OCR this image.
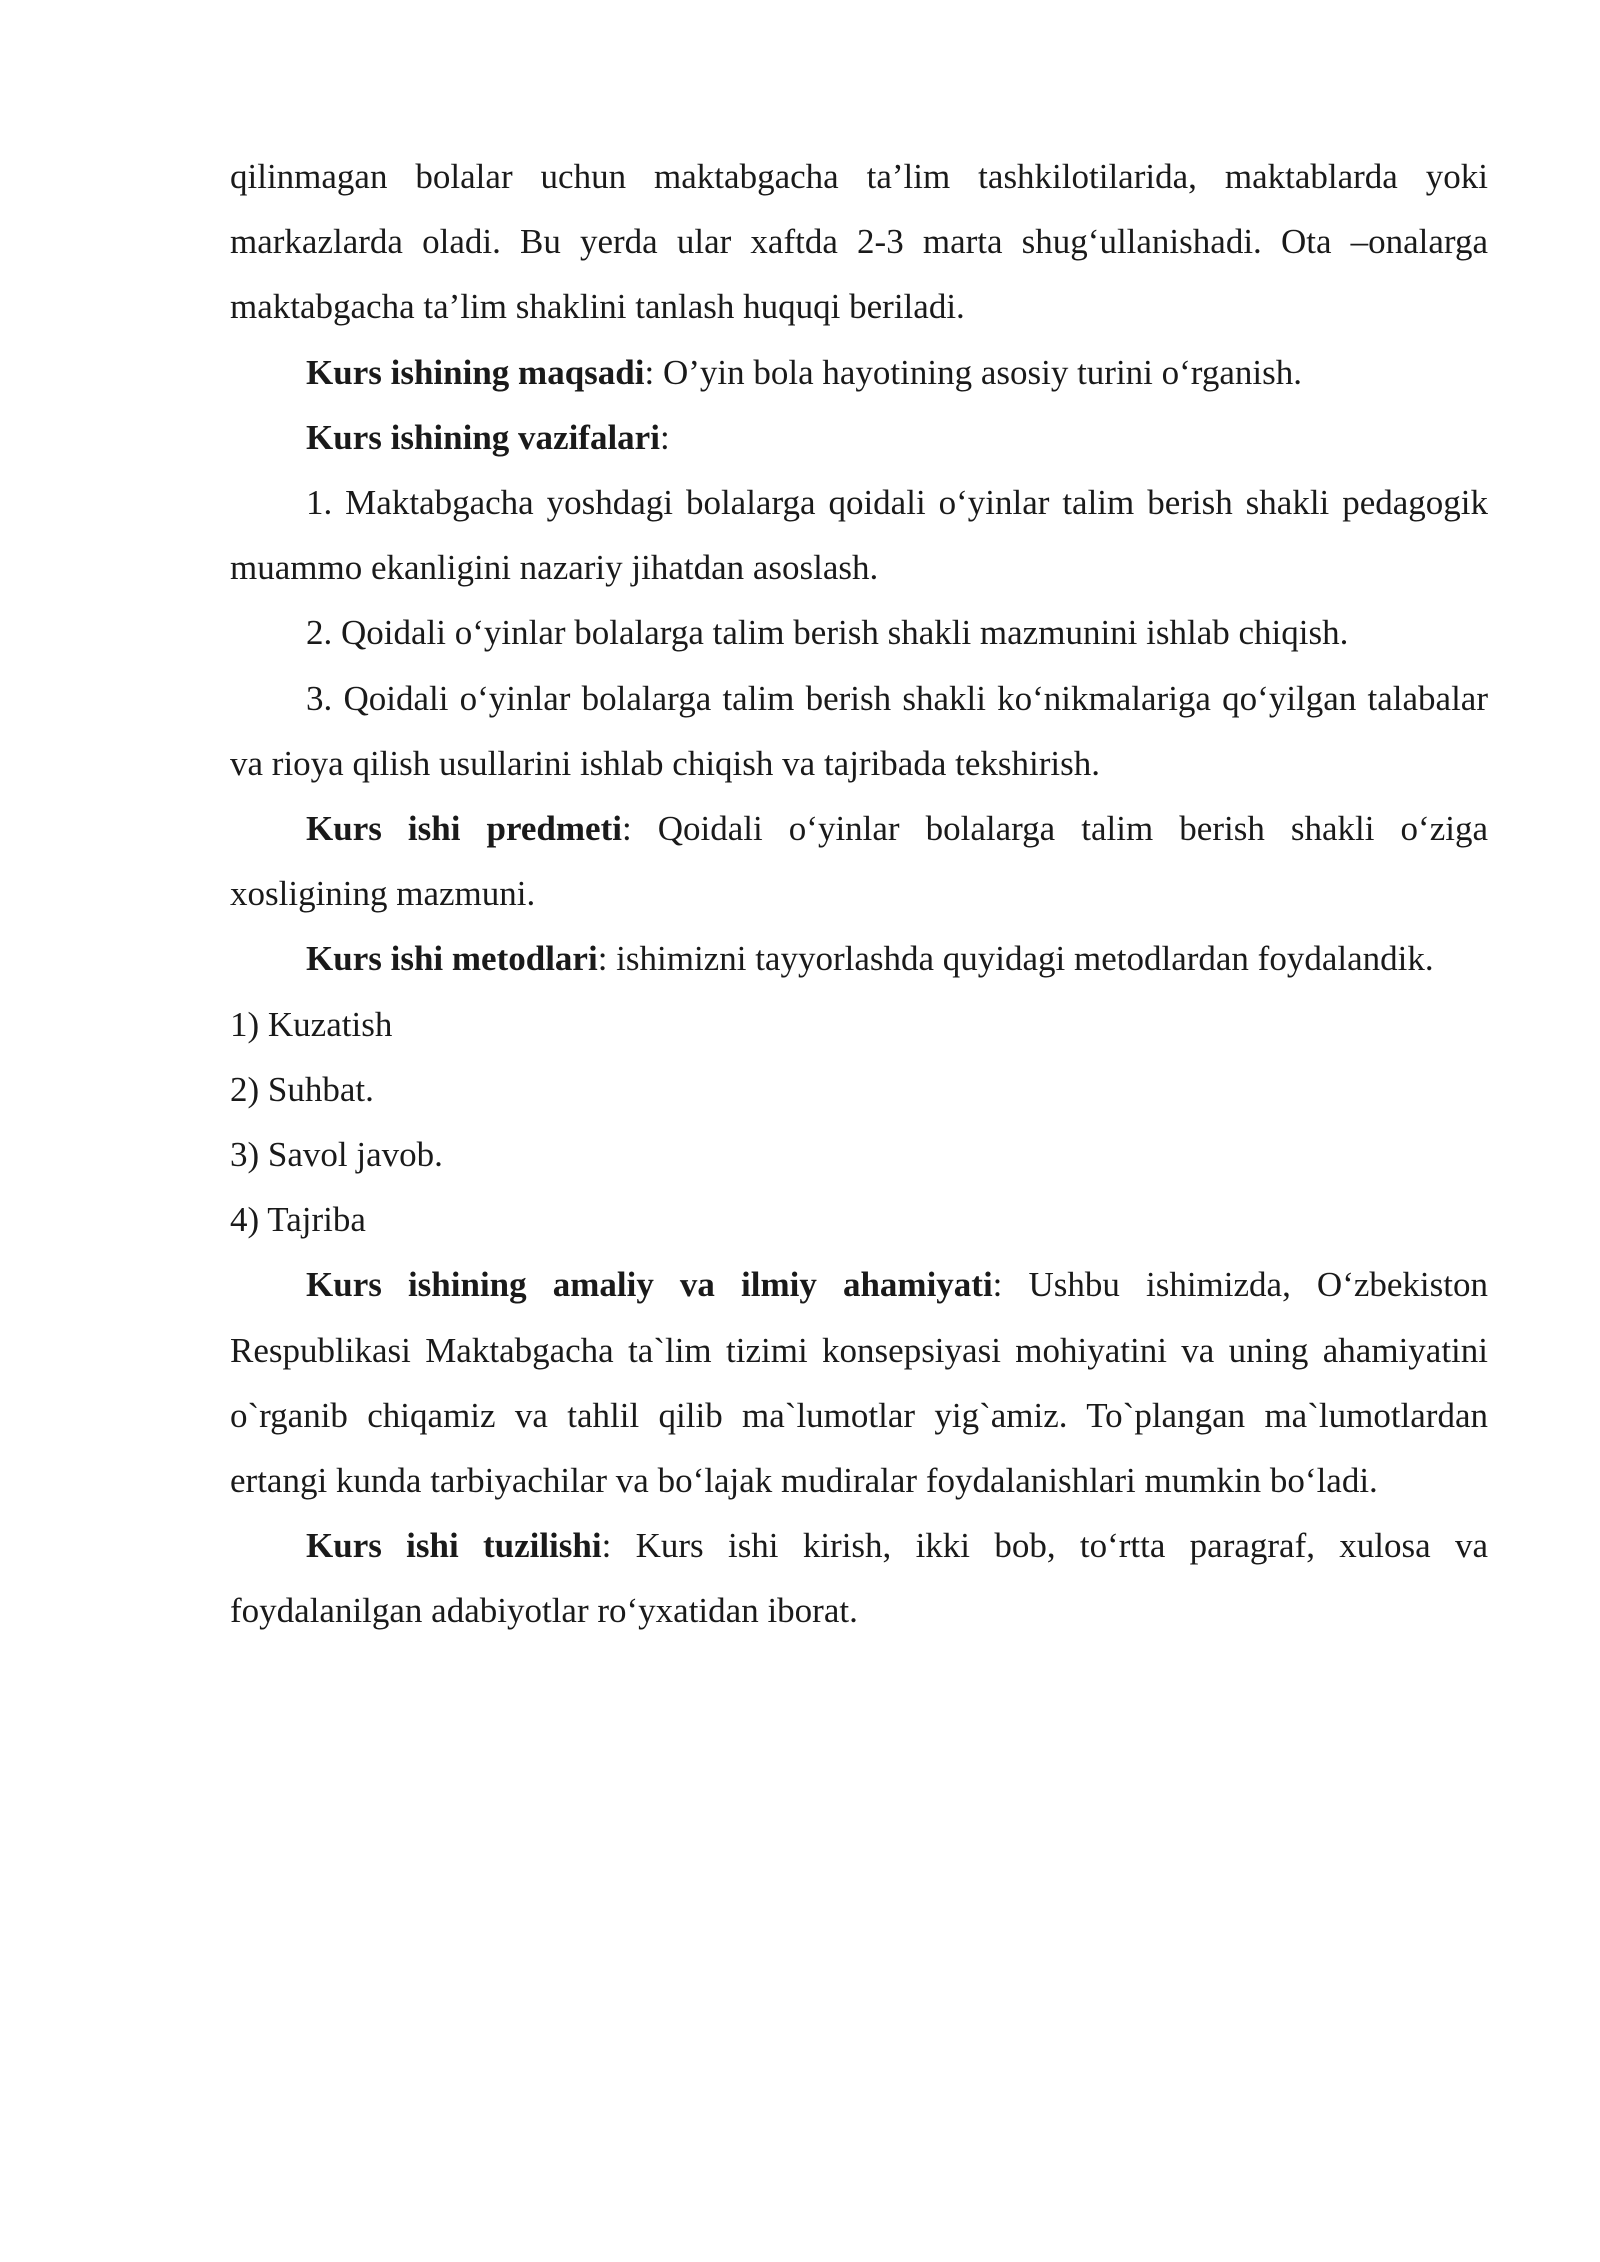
qilinmagan bolalar uchun maktabgacha ta’lim tashkilotilarida, maktablarda yoki markazlarda oladi. Bu yerda ular xaftda 2-3 marta shug‘ullanishadi. Ota –onalarga maktabgacha ta’lim shaklini tanlash huquqi beriladi.

Kurs ishining maqsadi: O’yin bola hayotining asosiy turini o‘rganish.

Kurs ishining vazifalari:

1. Maktabgacha yoshdagi bolalarga qoidali o‘yinlar talim berish shakli pedagogik muammo ekanligini nazariy jihatdan asoslash.

2. Qoidali o‘yinlar bolalarga talim berish shakli mazmunini ishlab chiqish.

3. Qoidali o‘yinlar bolalarga talim berish shakli ko‘nikmalariga qo‘yilgan talabalar va rioya qilish usullarini ishlab chiqish va tajribada tekshirish.

Kurs ishi predmeti: Qoidali o‘yinlar bolalarga talim berish shakli o‘ziga xosligining mazmuni.

Kurs ishi metodlari: ishimizni tayyorlashda quyidagi metodlardan foydalandik.

1) Kuzatish

2) Suhbat.

3) Savol javob.

4) Tajriba

Kurs ishining amaliy va ilmiy ahamiyati: Ushbu ishimizda, O‘zbekiston Respublikasi Maktabgacha ta`lim tizimi konsepsiyasi mohiyatini va uning ahamiyatini o`rganib chiqamiz va tahlil qilib ma`lumotlar yig`amiz. To`plangan ma`lumotlardan ertangi kunda tarbiyachilar va bo‘lajak mudiralar foydalanishlari mumkin bo‘ladi.

Kurs ishi tuzilishi: Kurs ishi kirish, ikki bob, to‘rtta paragraf, xulosa va foydalanilgan adabiyotlar ro‘yxatidan iborat.
